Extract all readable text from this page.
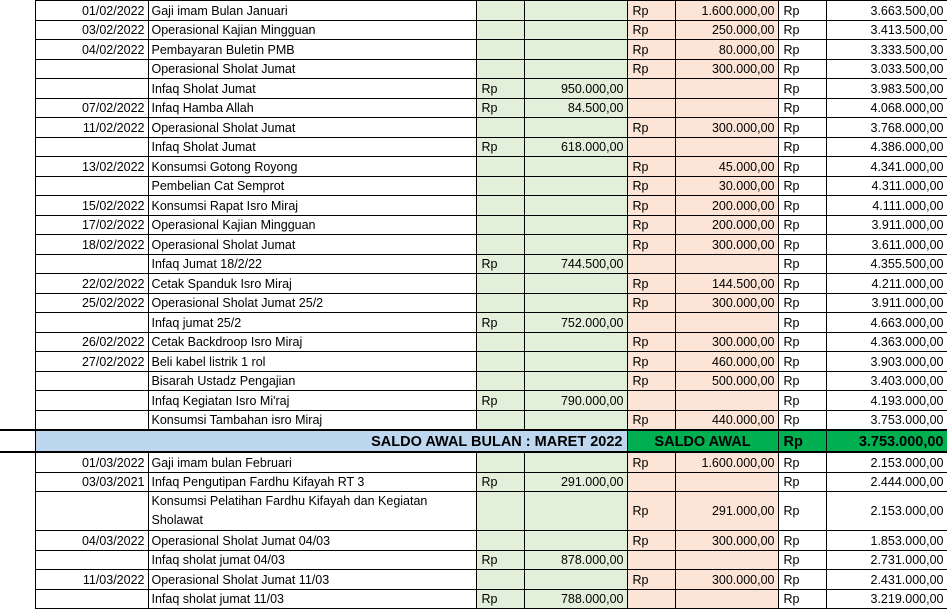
	01/02/2022	Gaji imam Bulan Januari			Rp	1.600.000,00	Rp	3.663.500,00
	03/02/2022	Operasional Kajian Mingguan			Rp	250.000,00	Rp	3.413.500,00
	04/02/2022	Pembayaran Buletin PMB			Rp	80.000,00	Rp	3.333.500,00
		Operasional Sholat Jumat			Rp	300.000,00	Rp	3.033.500,00
		Infaq Sholat Jumat	Rp	950.000,00			Rp	3.983.500,00
	07/02/2022	Infaq Hamba Allah	Rp	84.500,00			Rp	4.068.000,00
	11/02/2022	Operasional Sholat Jumat			Rp	300.000,00	Rp	3.768.000,00
		Infaq Sholat Jumat	Rp	618.000,00			Rp	4.386.000,00
	13/02/2022	Konsumsi Gotong Royong			Rp	45.000,00	Rp	4.341.000,00
		Pembelian Cat Semprot			Rp	30.000,00	Rp	4.311.000,00
	15/02/2022	Konsumsi Rapat Isro Miraj			Rp	200.000,00	Rp	4.111.000,00
	17/02/2022	Operasional Kajian Mingguan			Rp	200.000,00	Rp	3.911.000,00
	18/02/2022	Operasional Sholat Jumat			Rp	300.000,00	Rp	3.611.000,00
		Infaq Jumat 18/2/22	Rp	744.500,00			Rp	4.355.500,00
	22/02/2022	Cetak Spanduk Isro Miraj			Rp	144.500,00	Rp	4.211.000,00
	25/02/2022	Operasional Sholat Jumat 25/2			Rp	300.000,00	Rp	3.911.000,00
		Infaq jumat 25/2	Rp	752.000,00			Rp	4.663.000,00
	26/02/2022	Cetak Backdroop Isro Miraj			Rp	300.000,00	Rp	4.363.000,00
	27/02/2022	Beli kabel listrik 1 rol			Rp	460.000,00	Rp	3.903.000,00
		Bisarah Ustadz Pengajian			Rp	500.000,00	Rp	3.403.000,00
		Infaq Kegiatan Isro Mi'raj	Rp	790.000,00			Rp	4.193.000,00
		Konsumsi Tambahan isro Miraj			Rp	440.000,00	Rp	3.753.000,00
	SALDO AWAL BULAN : MARET 2022				SALDO AWAL		Rp	3.753.000,00
	01/03/2022	Gaji imam bulan Februari			Rp	1.600.000,00	Rp	2.153.000,00
	03/03/2021	Infaq Pengutipan Fardhu Kifayah RT 3	Rp	291.000,00			Rp	2.444.000,00
		Konsumsi Pelatihan Fardhu Kifayah dan Kegiatan Sholawat			Rp	291.000,00	Rp	2.153.000,00
	04/03/2022	Operasional Sholat Jumat 04/03			Rp	300.000,00	Rp	1.853.000,00
		Infaq sholat jumat 04/03	Rp	878.000,00			Rp	2.731.000,00
	11/03/2022	Operasional Sholat Jumat 11/03			Rp	300.000,00	Rp	2.431.000,00
		Infaq sholat jumat 11/03	Rp	788.000,00			Rp	3.219.000,00
